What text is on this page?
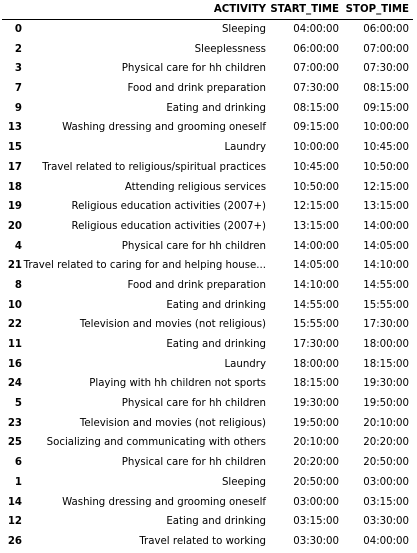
ACTIVITY START_TIME STOP_TIME
0	Sleeping	04:00:00 06:00:00
2	Sleeplessness	06:00:00 07:00:00
3	Physical care for hh children	07:00:00 07:30:00
7	Food and drink preparation	07:30:00 08:15:00
9	Eating and drinking	08:15:00 09:15:00
13	Washing dressing and grooming oneself	09:15:00 10:00:00
15	Laundry	10:00:00 10:45:00
17 Travel related to religious/spiritual practices	10:45:00 10:50:00
18	Attending religious services	10:50:00 12:15:00
19	Religious education activities (2007+)	12:15:00 13:15:00
20	Religious education activities (2007+)	13:15:00 14:00:00
4	Physical care for hh children	14:00:00 14:05:00
21 Travel related to caring for and helping house...	14:05:00 14:10:00
8	Food and drink preparation	14:10:00 14:55:00
10	Eating and drinking	14:55:00 15:55:00
22	Television and movies (not religious)	15:55:00 17:30:00
11	Eating and drinking	17:30:00 18:00:00
16	Laundry	18:00:00 18:15:00
24	Playing with hh children not sports	18:15:00 19:30:00
5	Physical care for hh children	19:30:00 19:50:00
23	Television and movies (not religious)	19:50:00 20:10:00
25 Socializing and communicating with others	20:10:00 20:20:00
6	Physical care for hh children	20:20:00 20:50:00
1	Sleeping	20:50:00 03:00:00
14	Washing dressing and grooming oneself	03:00:00 03:15:00
12	Eating and drinking	03:15:00 03:30:00
26	Travel related to working	03:30:00 04:00:00
